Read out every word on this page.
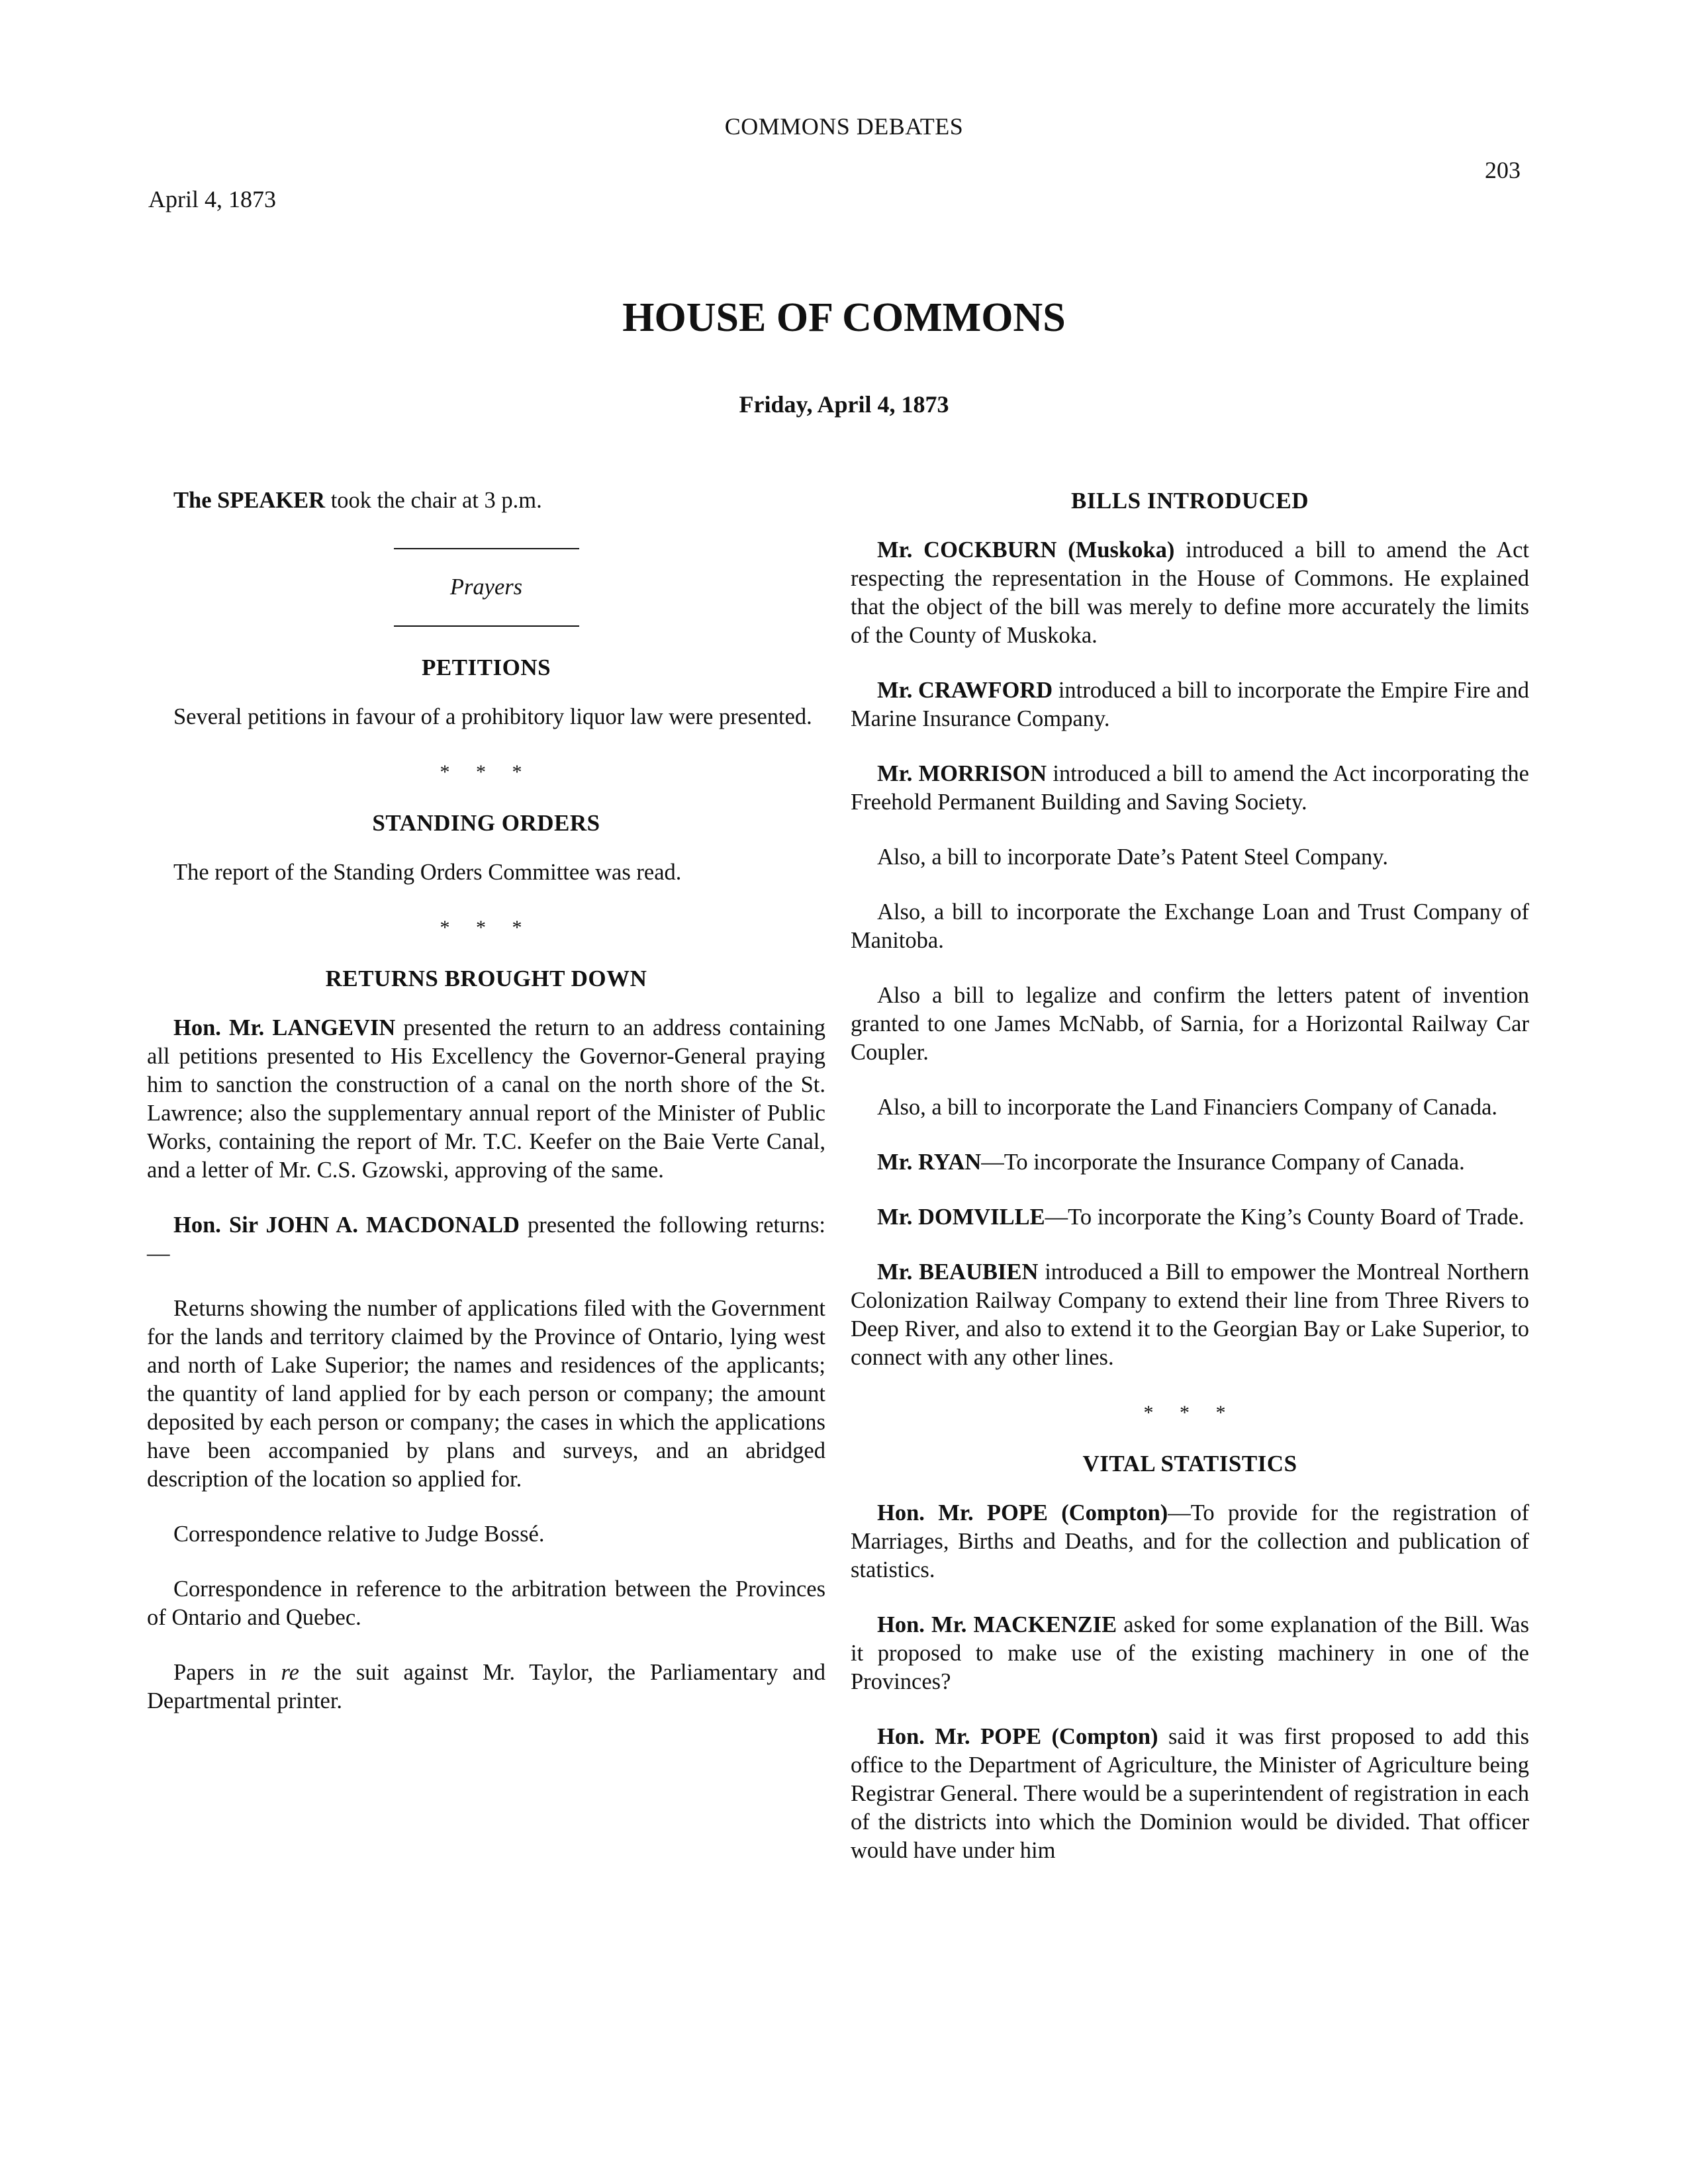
COMMONS DEBATES
203
April 4, 1873
HOUSE OF COMMONS
Friday, April 4, 1873

The SPEAKER took the chair at 3 p.m.

Prayers
PETITIONS

Several petitions in favour of a prohibitory liquor law were presented.

* * *
STANDING ORDERS

The report of the Standing Orders Committee was read.

* * *
RETURNS BROUGHT DOWN

Hon. Mr. LANGEVIN presented the return to an address containing all petitions presented to His Excellency the Governor-General praying him to sanction the construction of a canal on the north shore of the St. Lawrence; also the supplementary annual report of the Minister of Public Works, containing the report of Mr. T.C. Keefer on the Baie Verte Canal, and a letter of Mr. C.S. Gzowski, approving of the same.

Hon. Sir JOHN A. MACDONALD presented the following returns:—

Returns showing the number of applications filed with the Government for the lands and territory claimed by the Province of Ontario, lying west and north of Lake Superior; the names and residences of the applicants; the quantity of land applied for by each person or company; the amount deposited by each person or company; the cases in which the applications have been accompanied by plans and surveys, and an abridged description of the location so applied for.

Correspondence relative to Judge Bossé.

Correspondence in reference to the arbitration between the Provinces of Ontario and Quebec.

Papers in re the suit against Mr. Taylor, the Parliamentary and Departmental printer.

BILLS INTRODUCED

Mr. COCKBURN (Muskoka) introduced a bill to amend the Act respecting the representation in the House of Commons. He explained that the object of the bill was merely to define more accurately the limits of the County of Muskoka.

Mr. CRAWFORD introduced a bill to incorporate the Empire Fire and Marine Insurance Company.

Mr. MORRISON introduced a bill to amend the Act incorporating the Freehold Permanent Building and Saving Society.

Also, a bill to incorporate Date’s Patent Steel Company.

Also, a bill to incorporate the Exchange Loan and Trust Company of Manitoba.

Also a bill to legalize and confirm the letters patent of invention granted to one James McNabb, of Sarnia, for a Horizontal Railway Car Coupler.

Also, a bill to incorporate the Land Financiers Company of Canada.

Mr. RYAN—To incorporate the Insurance Company of Canada.

Mr. DOMVILLE—To incorporate the King’s County Board of Trade.

Mr. BEAUBIEN introduced a Bill to empower the Montreal Northern Colonization Railway Company to extend their line from Three Rivers to Deep River, and also to extend it to the Georgian Bay or Lake Superior, to connect with any other lines.

* * *
VITAL STATISTICS

Hon. Mr. POPE (Compton)—To provide for the registration of Marriages, Births and Deaths, and for the collection and publication of statistics.

Hon. Mr. MACKENZIE asked for some explanation of the Bill. Was it proposed to make use of the existing machinery in one of the Provinces?

Hon. Mr. POPE (Compton) said it was first proposed to add this office to the Department of Agriculture, the Minister of Agriculture being Registrar General. There would be a superintendent of registration in each of the districts into which the Dominion would be divided. That officer would have under him
